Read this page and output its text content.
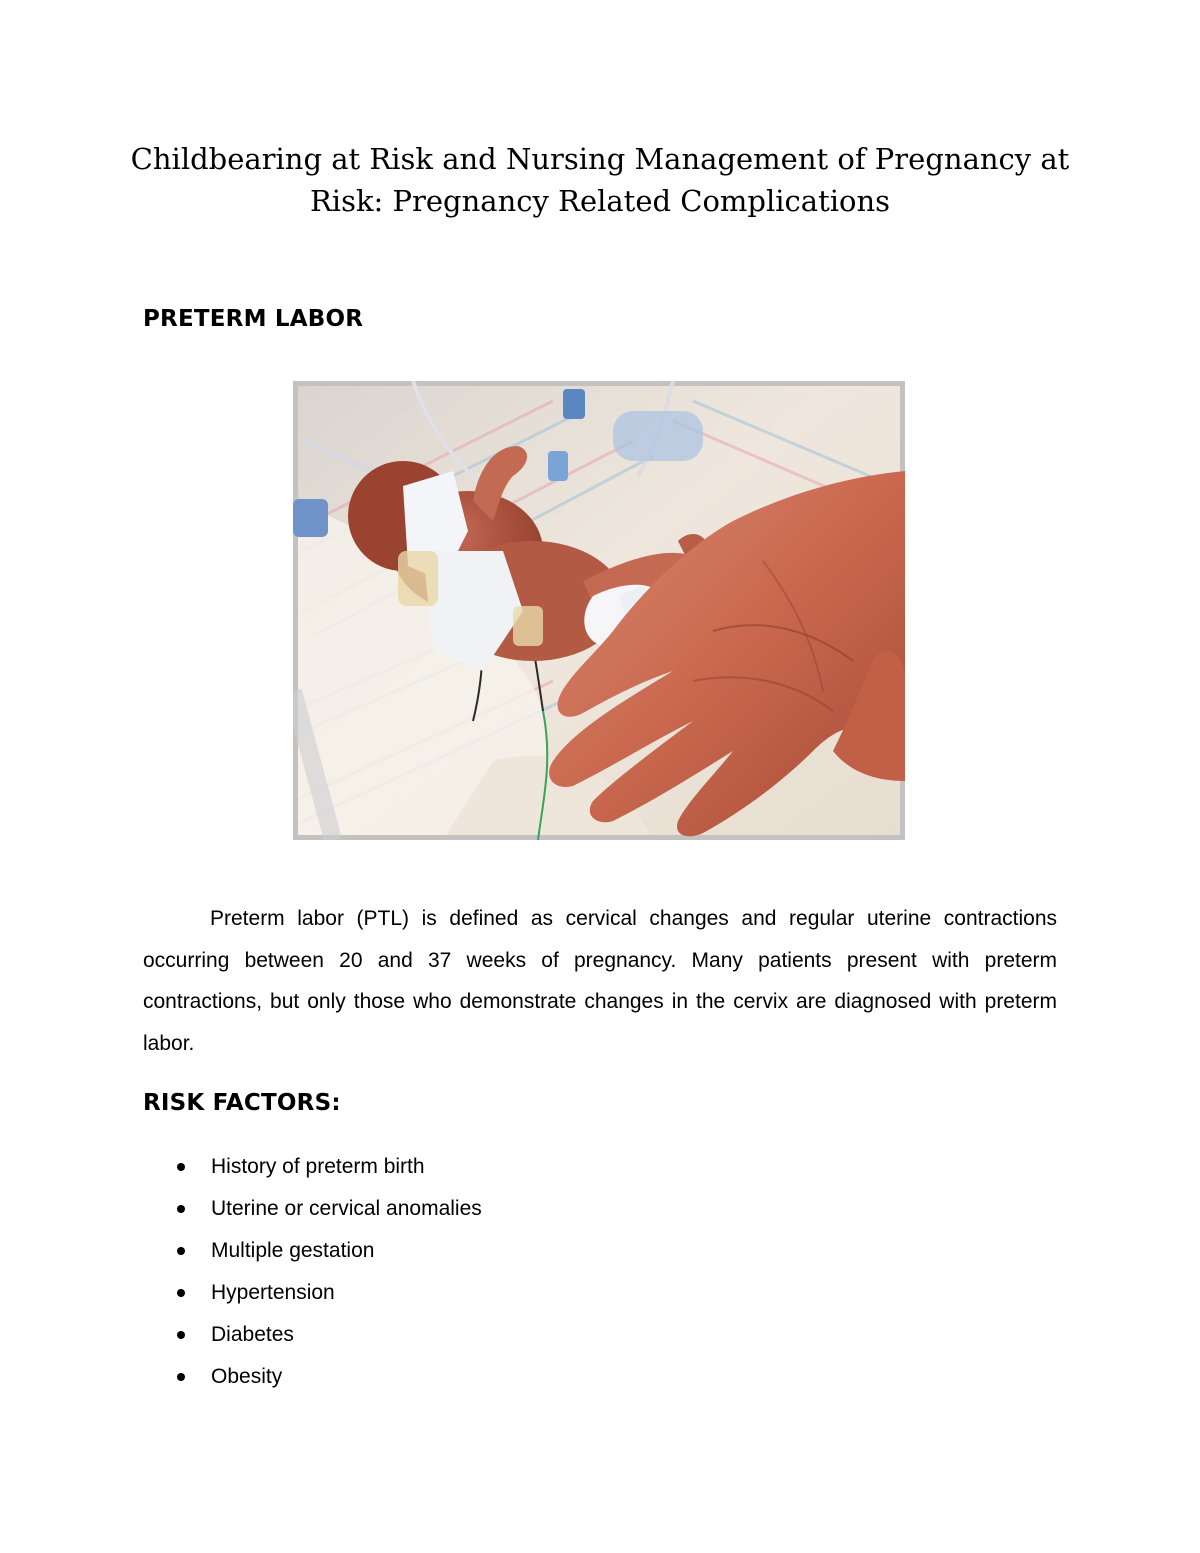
Childbearing at Risk and Nursing Management of Pregnancy at
Risk: Pregnancy Related Complications
PRETERM LABOR

Preterm labor (PTL) is defined as cervical changes and regular uterine contractions occurring between 20 and 37 weeks of pregnancy. Many patients present with preterm contractions, but only those who demonstrate changes in the cervix are diagnosed with preterm labor.

RISK FACTORS:
History of preterm birth
Uterine or cervical anomalies
Multiple gestation
Hypertension
Diabetes
Obesity
